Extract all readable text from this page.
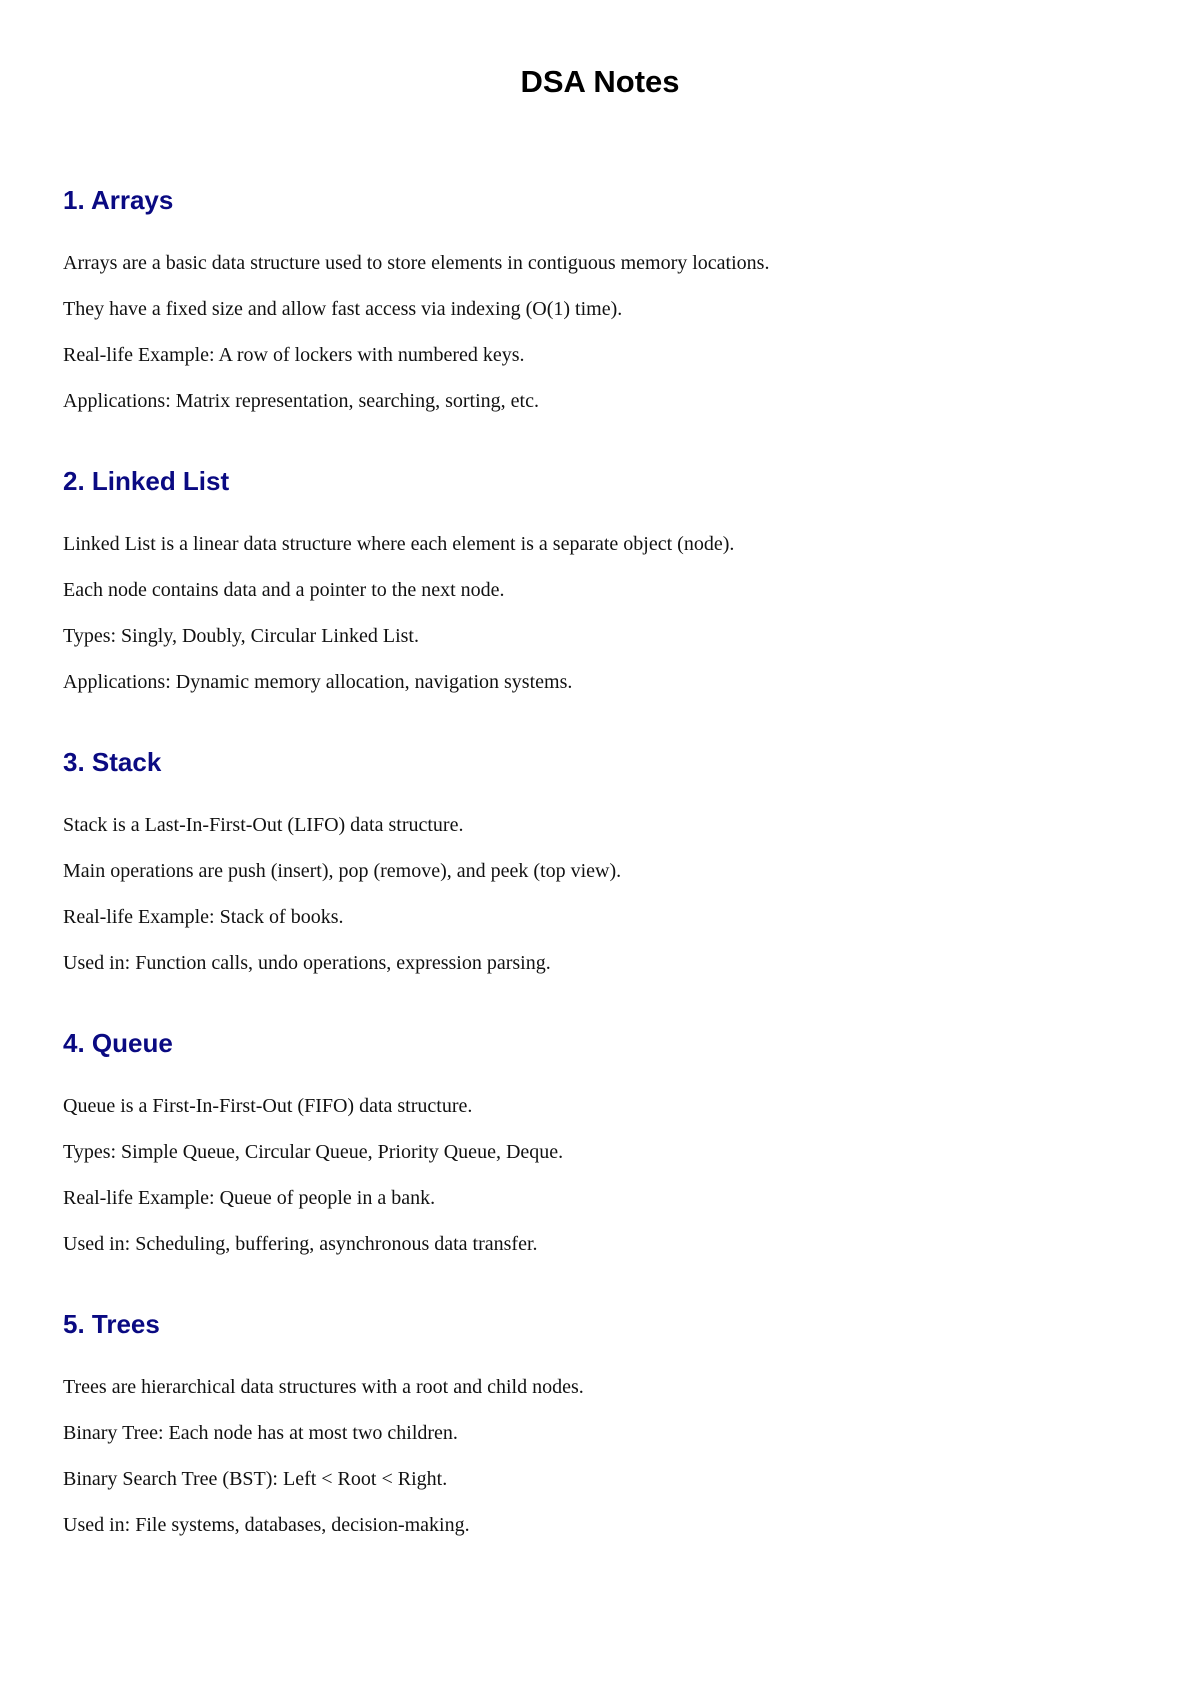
DSA Notes
1. Arrays

Arrays are a basic data structure used to store elements in contiguous memory locations.

They have a fixed size and allow fast access via indexing (O(1) time).

Real-life Example: A row of lockers with numbered keys.

Applications: Matrix representation, searching, sorting, etc.

2. Linked List

Linked List is a linear data structure where each element is a separate object (node).

Each node contains data and a pointer to the next node.

Types: Singly, Doubly, Circular Linked List.

Applications: Dynamic memory allocation, navigation systems.

3. Stack

Stack is a Last-In-First-Out (LIFO) data structure.

Main operations are push (insert), pop (remove), and peek (top view).

Real-life Example: Stack of books.

Used in: Function calls, undo operations, expression parsing.

4. Queue

Queue is a First-In-First-Out (FIFO) data structure.

Types: Simple Queue, Circular Queue, Priority Queue, Deque.

Real-life Example: Queue of people in a bank.

Used in: Scheduling, buffering, asynchronous data transfer.

5. Trees

Trees are hierarchical data structures with a root and child nodes.

Binary Tree: Each node has at most two children.

Binary Search Tree (BST): Left < Root < Right.

Used in: File systems, databases, decision-making.
